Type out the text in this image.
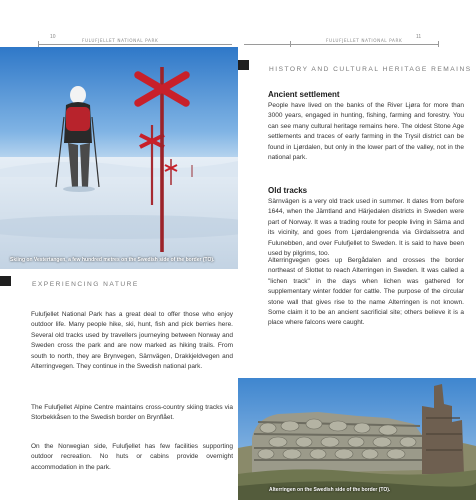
10
FULUFJELLET NATIONAL PARK	FULUFJELLET NATIONAL PARK
11
Skiing on Vestertangen, a few hundred metres on the Swedish side of the border (TO).
EXPERIENCING NATURE

Fulufjellet National Park has a great deal to offer those who enjoy outdoor life. Many people hike, ski, hunt, fish and pick berries here. Several old tracks used by travellers journeying between Norway and Sweden cross the park and are now marked as hiking trails. From south to north, they are Brynvegen, Särnvägen, Drakkjeldvegen and Alterringvegen. They continue in the Swedish national park.

The Fulufjellet Alpine Centre maintains cross-country skiing tracks via Storbekkåsen to the Swedish border on Brynflået.

On the Norwegian side, Fulufjellet has few facilities supporting outdoor recreation. No huts or cabins provide overnight accommodation in the park.

HISTORY AND CULTURAL HERITAGE REMAINS
Ancient settlement

People have lived on the banks of the River Ljøra for more than 3000 years, engaged in hunting, fishing, farming and forestry. You can see many cultural heritage remains here. The oldest Stone Age settlements and traces of early farming in the Trysil district can be found in Ljørdalen, but only in the lower part of the valley, not in the national park.

Old tracks

Särnvägen is a very old track used in summer. It dates from before 1644, when the Jämtland and Härjedalen districts in Sweden were part of Norway. It was a trading route for people living in Särna and its vicinity, and goes from Ljørdalengrenda via Girdalssetra and Fulunebben, and over Fulufjellet to Sweden. It is said to have been used by pilgrims, too.

Alterringvegen goes up Bergådalen and crosses the border northeast of Slottet to reach Alterringen in Sweden. It was called a "lichen track" in the days when lichen was gathered for supplementary winter fodder for cattle. The purpose of the circular stone wall that gives rise to the name Alterringen is not known. Some claim it to be an ancient sacrificial site; others believe it is a place where falcons were caught.

Alterringen on the Swedish side of the border (TO).
